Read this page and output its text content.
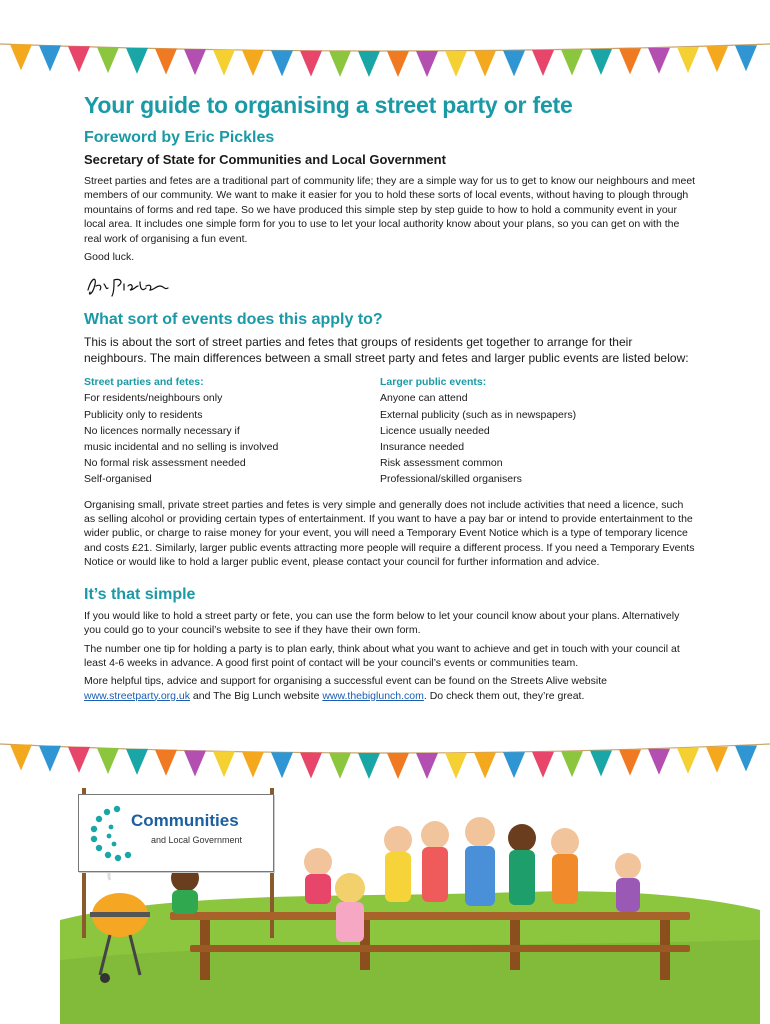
Your guide to organising a street party or fete
Foreword by Eric Pickles
Secretary of State for Communities and Local Government

Street parties and fetes are a traditional part of community life; they are a simple way for us to get to know our neighbours and meet members of our community. We want to make it easier for you to hold these sorts of local events, without having to plough through mountains of forms and red tape. So we have produced this simple step by step guide to how to hold a community event in your local area. It includes one simple form for you to use to let your local authority know about your plans, so you can get on with the real work of organising a fun event.

Good luck.

What sort of events does this apply to?

This is about the sort of street parties and fetes that groups of residents get together to arrange for their neighbours. The main differences between a small street party and fetes and larger public events are listed below:

Street parties and fetes:
For residents/neighbours only
Publicity only to residents
No licences normally necessary if
music incidental and no selling is involved
No formal risk assessment needed
Self-organised
Larger public events:
Anyone can attend
External publicity (such as in newspapers)
Licence usually needed
Insurance needed
Risk assessment common
Professional/skilled organisers

Organising small, private street parties and fetes is very simple and generally does not include activities that need a licence, such as selling alcohol or providing certain types of entertainment. If you want to have a pay bar or intend to provide entertainment to the wider public, or charge to raise money for your event, you will need a Temporary Event Notice which is a type of temporary licence and costs £21. Similarly, larger public events attracting more people will require a different process. If you need a Temporary Events Notice or would like to hold a larger public event, please contact your council for further information and advice.

It’s that simple

If you would like to hold a street party or fete, you can use the form below to let your council know about your plans. Alternatively you could go to your council’s website to see if they have their own form.

The number one tip for holding a party is to plan early, think about what you want to achieve and get in touch with your council at least 4-6 weeks in advance. A good first point of contact will be your council’s events or communities team.

More helpful tips, advice and support for organising a successful event can be found on the Streets Alive website www.streetparty.org.uk and The Big Lunch website www.thebiglunch.com. Do check them out, they’re great.

Communities
and Local Government
